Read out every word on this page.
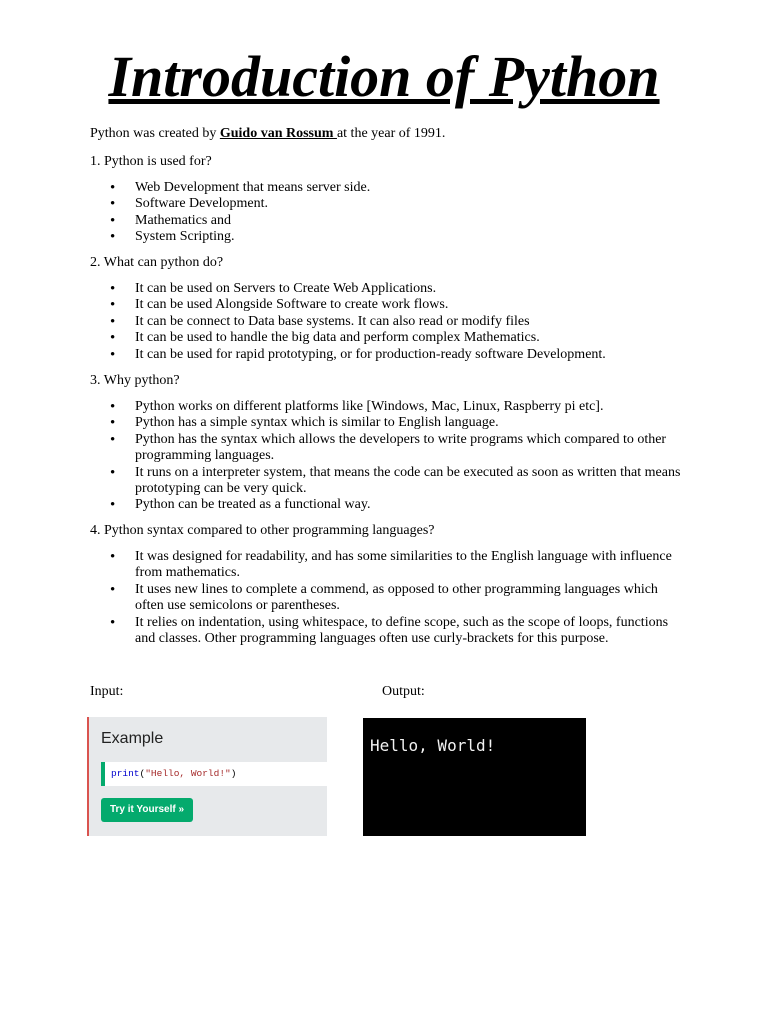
Introduction of Python
Python was created by Guido van Rossum at the year of 1991.
1. Python is used for?
• Web Development that means server side.
• Software Development.
• Mathematics and
• System Scripting.
2. What can python do?
• It can be used on Servers to Create Web Applications.
• It can be used Alongside Software to create work flows.
• It can be connect to Data base systems. It can also read or modify files
• It can be used to handle the big data and perform complex Mathematics.
• It can be used for rapid prototyping, or for production-ready software Development.
3. Why python?
• Python works on different platforms like [Windows, Mac, Linux, Raspberry pi etc].
• Python has a simple syntax which is similar to English language.
• Python has the syntax which allows the developers to write programs which compared to other programming languages.
• It runs on a interpreter system, that means the code can be executed as soon as written that means prototyping can be very quick.
• Python can be treated as a functional way.
4. Python syntax compared to other programming languages?
• It was designed for readability, and has some similarities to the English language with influence from mathematics.
• It uses new lines to complete a commend, as opposed to other programming languages which often use semicolons or parentheses.
• It relies on indentation, using whitespace, to define scope, such as the scope of loops, functions and classes. Other programming languages often use curly-brackets for this purpose.
Input:	Output:
Example
print("Hello, World!")
Try it Yourself »
Hello, World!
